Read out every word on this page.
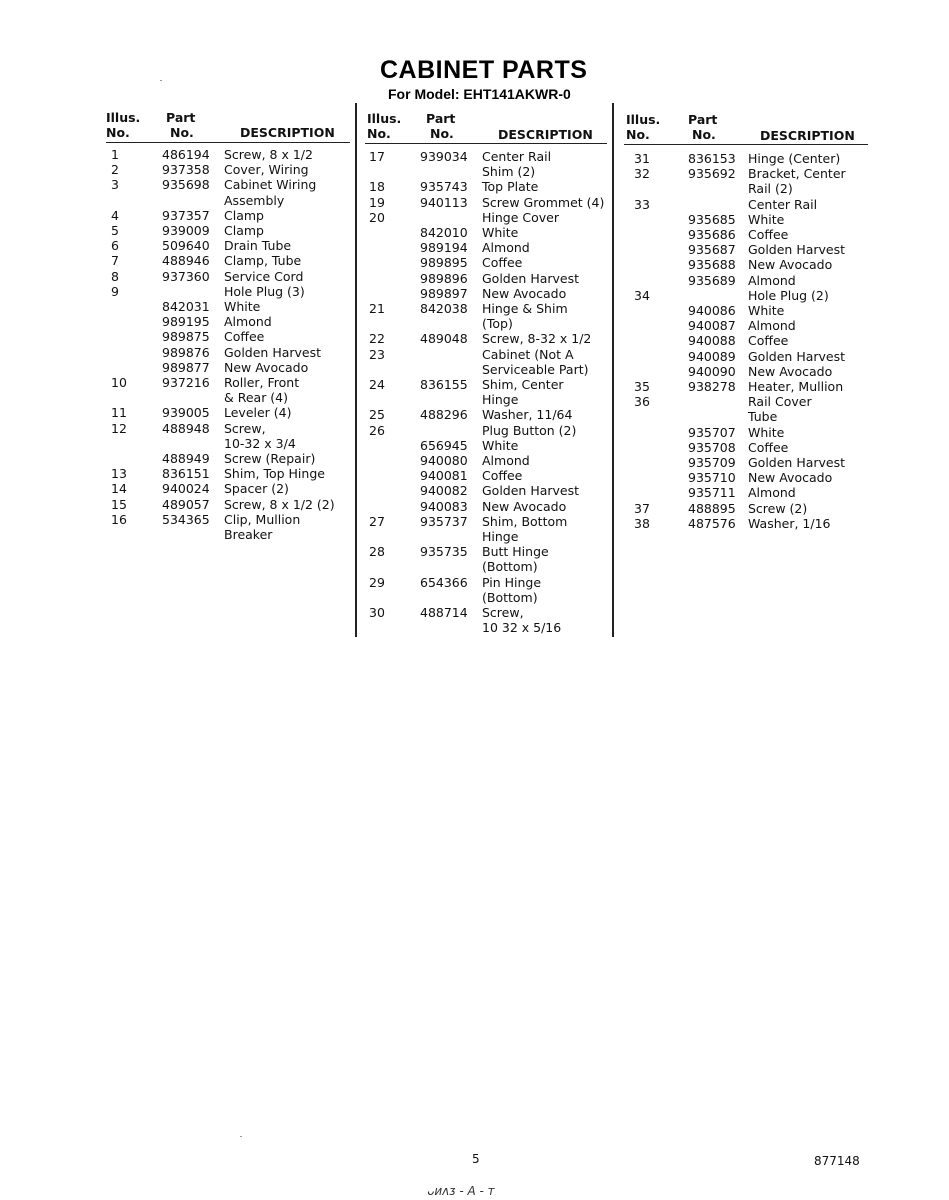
CABINET PARTS
For Model: EHT141AKWR-0
Illus.
No.
Part
No.	DESCRIPTION
1	486194 Screw, 8 x 1/2
2	937358 Cover, Wiring
3	935698 Cabinet Wiring
Assembly
4	937357 Clamp
5	939009 Clamp
6	509640 Drain Tube
7	488946 Clamp, Tube
8	937360 Service Cord
9	Hole Plug (3)
842031 White
989195 Almond
989875 Coffee
989876 Golden Harvest
989877 New Avocado
10	937216 Roller, Front
& Rear (4)
11	939005 Leveler (4)
12	488948 Screw,
10-32 x 3/4
488949 Screw (Repair)
13	836151 Shim, Top Hinge
14	940024 Spacer (2)
15	489057 Screw, 8 x 1/2 (2)
16	534365 Clip, Mullion
Breaker
Illus.
No.
Part
No.	DESCRIPTION
17	939034 Center Rail
Shim (2)
18	935743 Top Plate
19	940113 Screw Grommet (4)
20	Hinge Cover
842010 White
989194 Almond
989895 Coffee
989896 Golden Harvest
989897 New Avocado
21	842038 Hinge & Shim
(Top)
22	489048 Screw, 8-32 x 1/2
23	Cabinet (Not A
Serviceable Part)
24	836155 Shim, Center
Hinge
25	488296 Washer, 11/64
26	Plug Button (2)
656945 White
940080 Almond
940081 Coffee
940082 Golden Harvest
940083 New Avocado
27	935737 Shim, Bottom
Hinge
28	935735 Butt Hinge
(Bottom)
29	654366 Pin Hinge
(Bottom)
30	488714 Screw,
10 32 x 5/16
Illus.
No.
Part
No.	DESCRIPTION
31	836153 Hinge (Center)
32	935692 Bracket, Center
Rail (2)
33	Center Rail
935685 White
935686 Coffee
935687 Golden Harvest
935688 New Avocado
935689 Almond
34	Hole Plug (2)
940086 White
940087 Almond
940088 Coffee
940089 Golden Harvest
940090 New Avocado
35	938278 Heater, Mullion
36	Rail Cover
Tube
935707 White
935708 Coffee
935709 Golden Harvest
935710 New Avocado
935711 Almond
37	488895 Screw (2)
38	487576 Washer, 1/16
5	877148
ᴗᴎᴧᴣ - A - ᴛ
